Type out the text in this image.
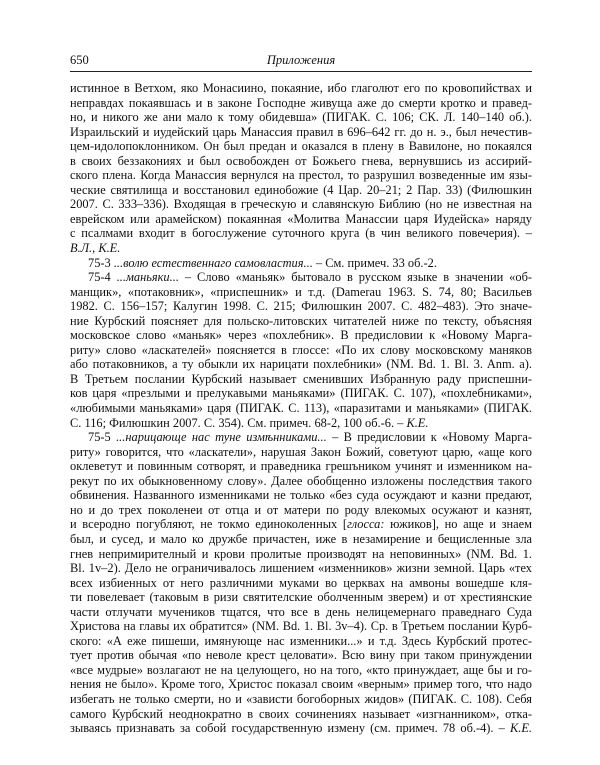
650	Приложения
истинное в Ветхом, яко Монасиино, покаяние, ибо глаголют его по кровопийствах и
неправдах покаявшась и в законе Господне живуща аже до смерти кротко и правед-
но, и никого же ани мало к тому обидевша» (ПИГАК. С. 106; СК. Л. 140–140 об.).
Израильский и иудейский царь Манассия правил в 696–642 гг. до н. э., был нечестив-
цем-идолопоклонником. Он был предан и оказался в плену в Вавилоне, но покаялся
в своих беззакониях и был освобожден от Божьего гнева, вернувшись из ассирий-
ского плена. Когда Манассия вернулся на престол, то разрушил возведенные им язы-
ческие святилища и восстановил единобожие (4 Цар. 20–21; 2 Пар. 33) (Филюшкин
2007. С. 333–336). Входящая в греческую и славянскую Библию (но не известная на
еврейском или арамейском) покаянная «Молитва Манассии царя Иудейска» наряду
с псалмами входит в богослужение суточного круга (в чин великого повечерия). –
В.Л., К.Е.
75-3 ...волю естественнаго самовластия... – См. примеч. 33 об.-2.
75-4 ...маньяки... – Слово «маньяк» бытовало в русском языке в значении «об-
манщик», «потаковник», «приспешник» и т.д. (Damerau 1963. S. 74, 80; Васильев
1982. С. 156–157; Калугин 1998. С. 215; Филюшкин 2007. С. 482–483). Это значе-
ние Курбский поясняет для польско-литовских читателей ниже по тексту, объясняя
московское слово «маньяк» через «похлебник». В предисловии к «Новому Марга-
риту» слово «ласкателей» поясняется в глоссе: «По их слову московскому маняков
або потаковников, а ту обыкли их нарицати похлебники» (NM. Bd. 1. Bl. 3. Anm. a).
В Третьем послании Курбский называет сменивших Избранную раду приспешни-
ков царя «презлыми и прелукавыми маньяками» (ПИГАК. С. 107), «похлебниками»,
«любимыми маньяками» царя (ПИГАК. С. 113), «паразитами и маньяками» (ПИГАК.
С. 116; Филюшкин 2007. С. 354). См. примеч. 68-2, 100 об.-6. – К.Е.
75-5 ...нарицающе нас туне измѣнниками... – В предисловии к «Новому Марга-
риту» говорится, что «ласкатели», нарушая Закон Божий, советуют царю, «аще кого
оклеветут и повинным сотворят, и праведника грешъником учинят и изменником на-
рекут по их обыкновенному слову». Далее обобщенно изложены последствия такого
обвинения. Названного изменниками не только «без суда осуждают и казни предают,
но и до трех поколенеи от отца и от матери по роду влекомых осужают и казнят,
и всеродно погубляют, не токмо единоколенных [глосса: южиков], но аще и знаем
был, и сусед, и мало ко дружбе причастен, иже в незамирение и бещисленные зла
гнев непримирителный и крови пролитые производят на неповинных» (NM. Bd. 1.
Bl. 1v–2). Дело не ограничивалось лишением «изменников» жизни земной. Царь «тех
всех избиенных от него различними муками во церквах на амвоны вошедше кля-
ти повелевает (таковым в ризи святителские оболченным зверем) и от хрестиянские
части отлучати мучеников тщатся, что все в день нелицемернаго праведнаго Суда
Христова на главы их обратится» (NM. Bd. 1. Bl. 3v–4). Ср. в Третьем послании Курб-
ского: «А еже пишеши, имянующе нас изменники...» и т.д. Здесь Курбский протес-
тует против обычая «по неволе крест целовати». Всю вину при таком принуждении
«все мудрые» возлагают не на целующего, но на того, «кто принуждает, аще бы и го-
нения не было». Кроме того, Христос показал своим «верным» пример того, что надо
избегать не только смерти, но и «зависти богоборных жидов» (ПИГАК. С. 108). Себя
самого Курбский неоднократно в своих сочинениях называет «изгнанником», отка-
зываясь признавать за собой государственную измену (см. примеч. 78 об.-4). – К.Е.
